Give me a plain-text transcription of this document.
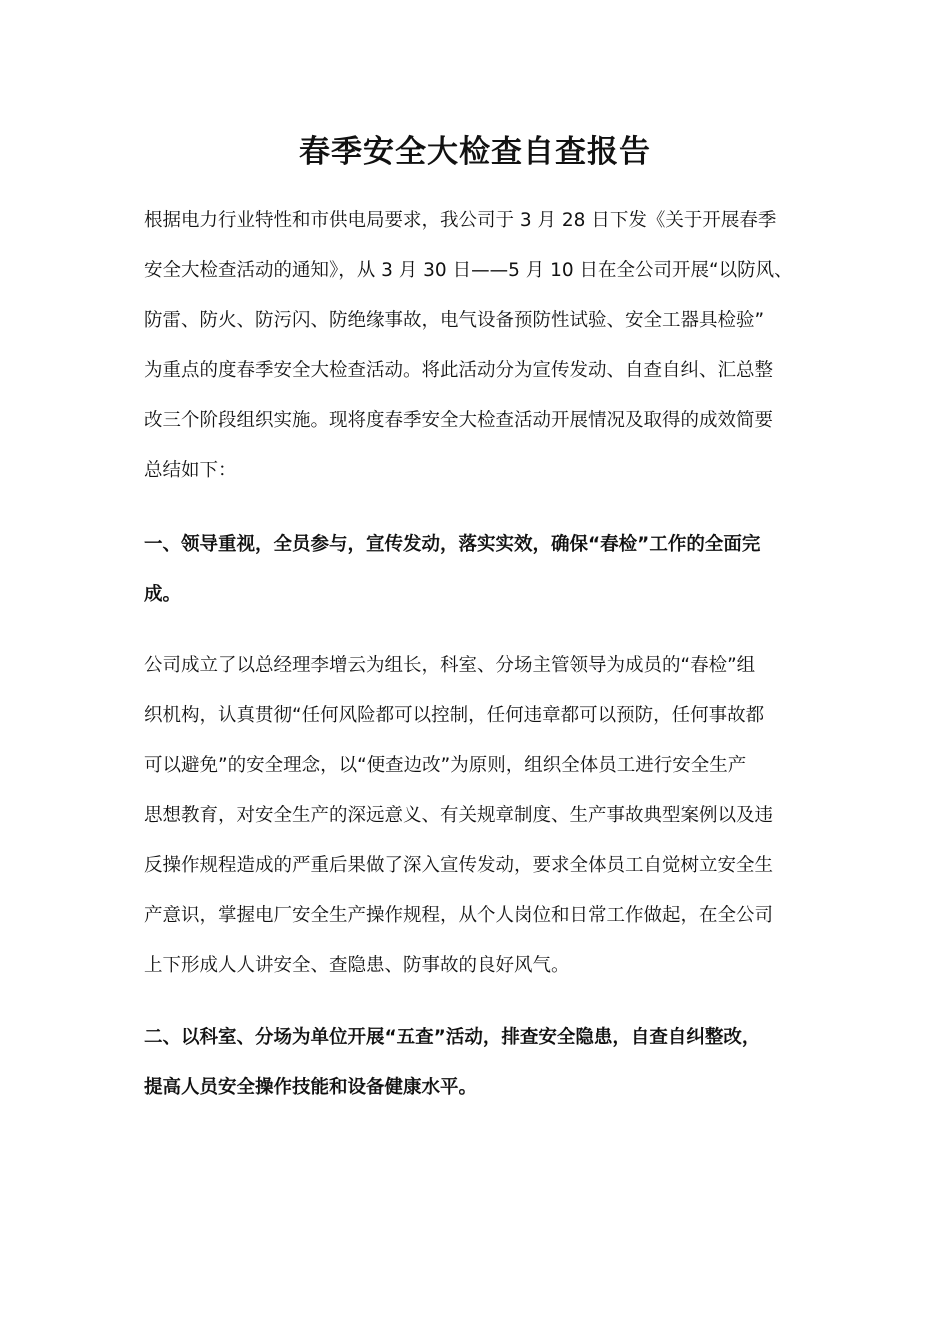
春季安全大检查自查报告
根据电力行业特性和市供电局要求，我公司于 3 月 28 日下发《关于开展春季
安全大检查活动的通知》，从 3 月 30 日——5 月 10 日在全公司开展“以防风、
防雷、防火、防污闪、防绝缘事故，电气设备预防性试验、安全工器具检验”
为重点的度春季安全大检查活动。将此活动分为宣传发动、自查自纠、汇总整
改三个阶段组织实施。现将度春季安全大检查活动开展情况及取得的成效简要
总结如下：
一、领导重视，全员参与，宣传发动，落实实效，确保“春检”工作的全面完
成。
公司成立了以总经理李增云为组长，科室、分场主管领导为成员的“春检”组
织机构，认真贯彻“任何风险都可以控制，任何违章都可以预防，任何事故都
可以避免”的安全理念，以“便查边改”为原则，组织全体员工进行安全生产
思想教育，对安全生产的深远意义、有关规章制度、生产事故典型案例以及违
反操作规程造成的严重后果做了深入宣传发动，要求全体员工自觉树立安全生
产意识，掌握电厂安全生产操作规程，从个人岗位和日常工作做起，在全公司
上下形成人人讲安全、查隐患、防事故的良好风气。
二、以科室、分场为单位开展“五查”活动，排查安全隐患，自查自纠整改，
提高人员安全操作技能和设备健康水平。
